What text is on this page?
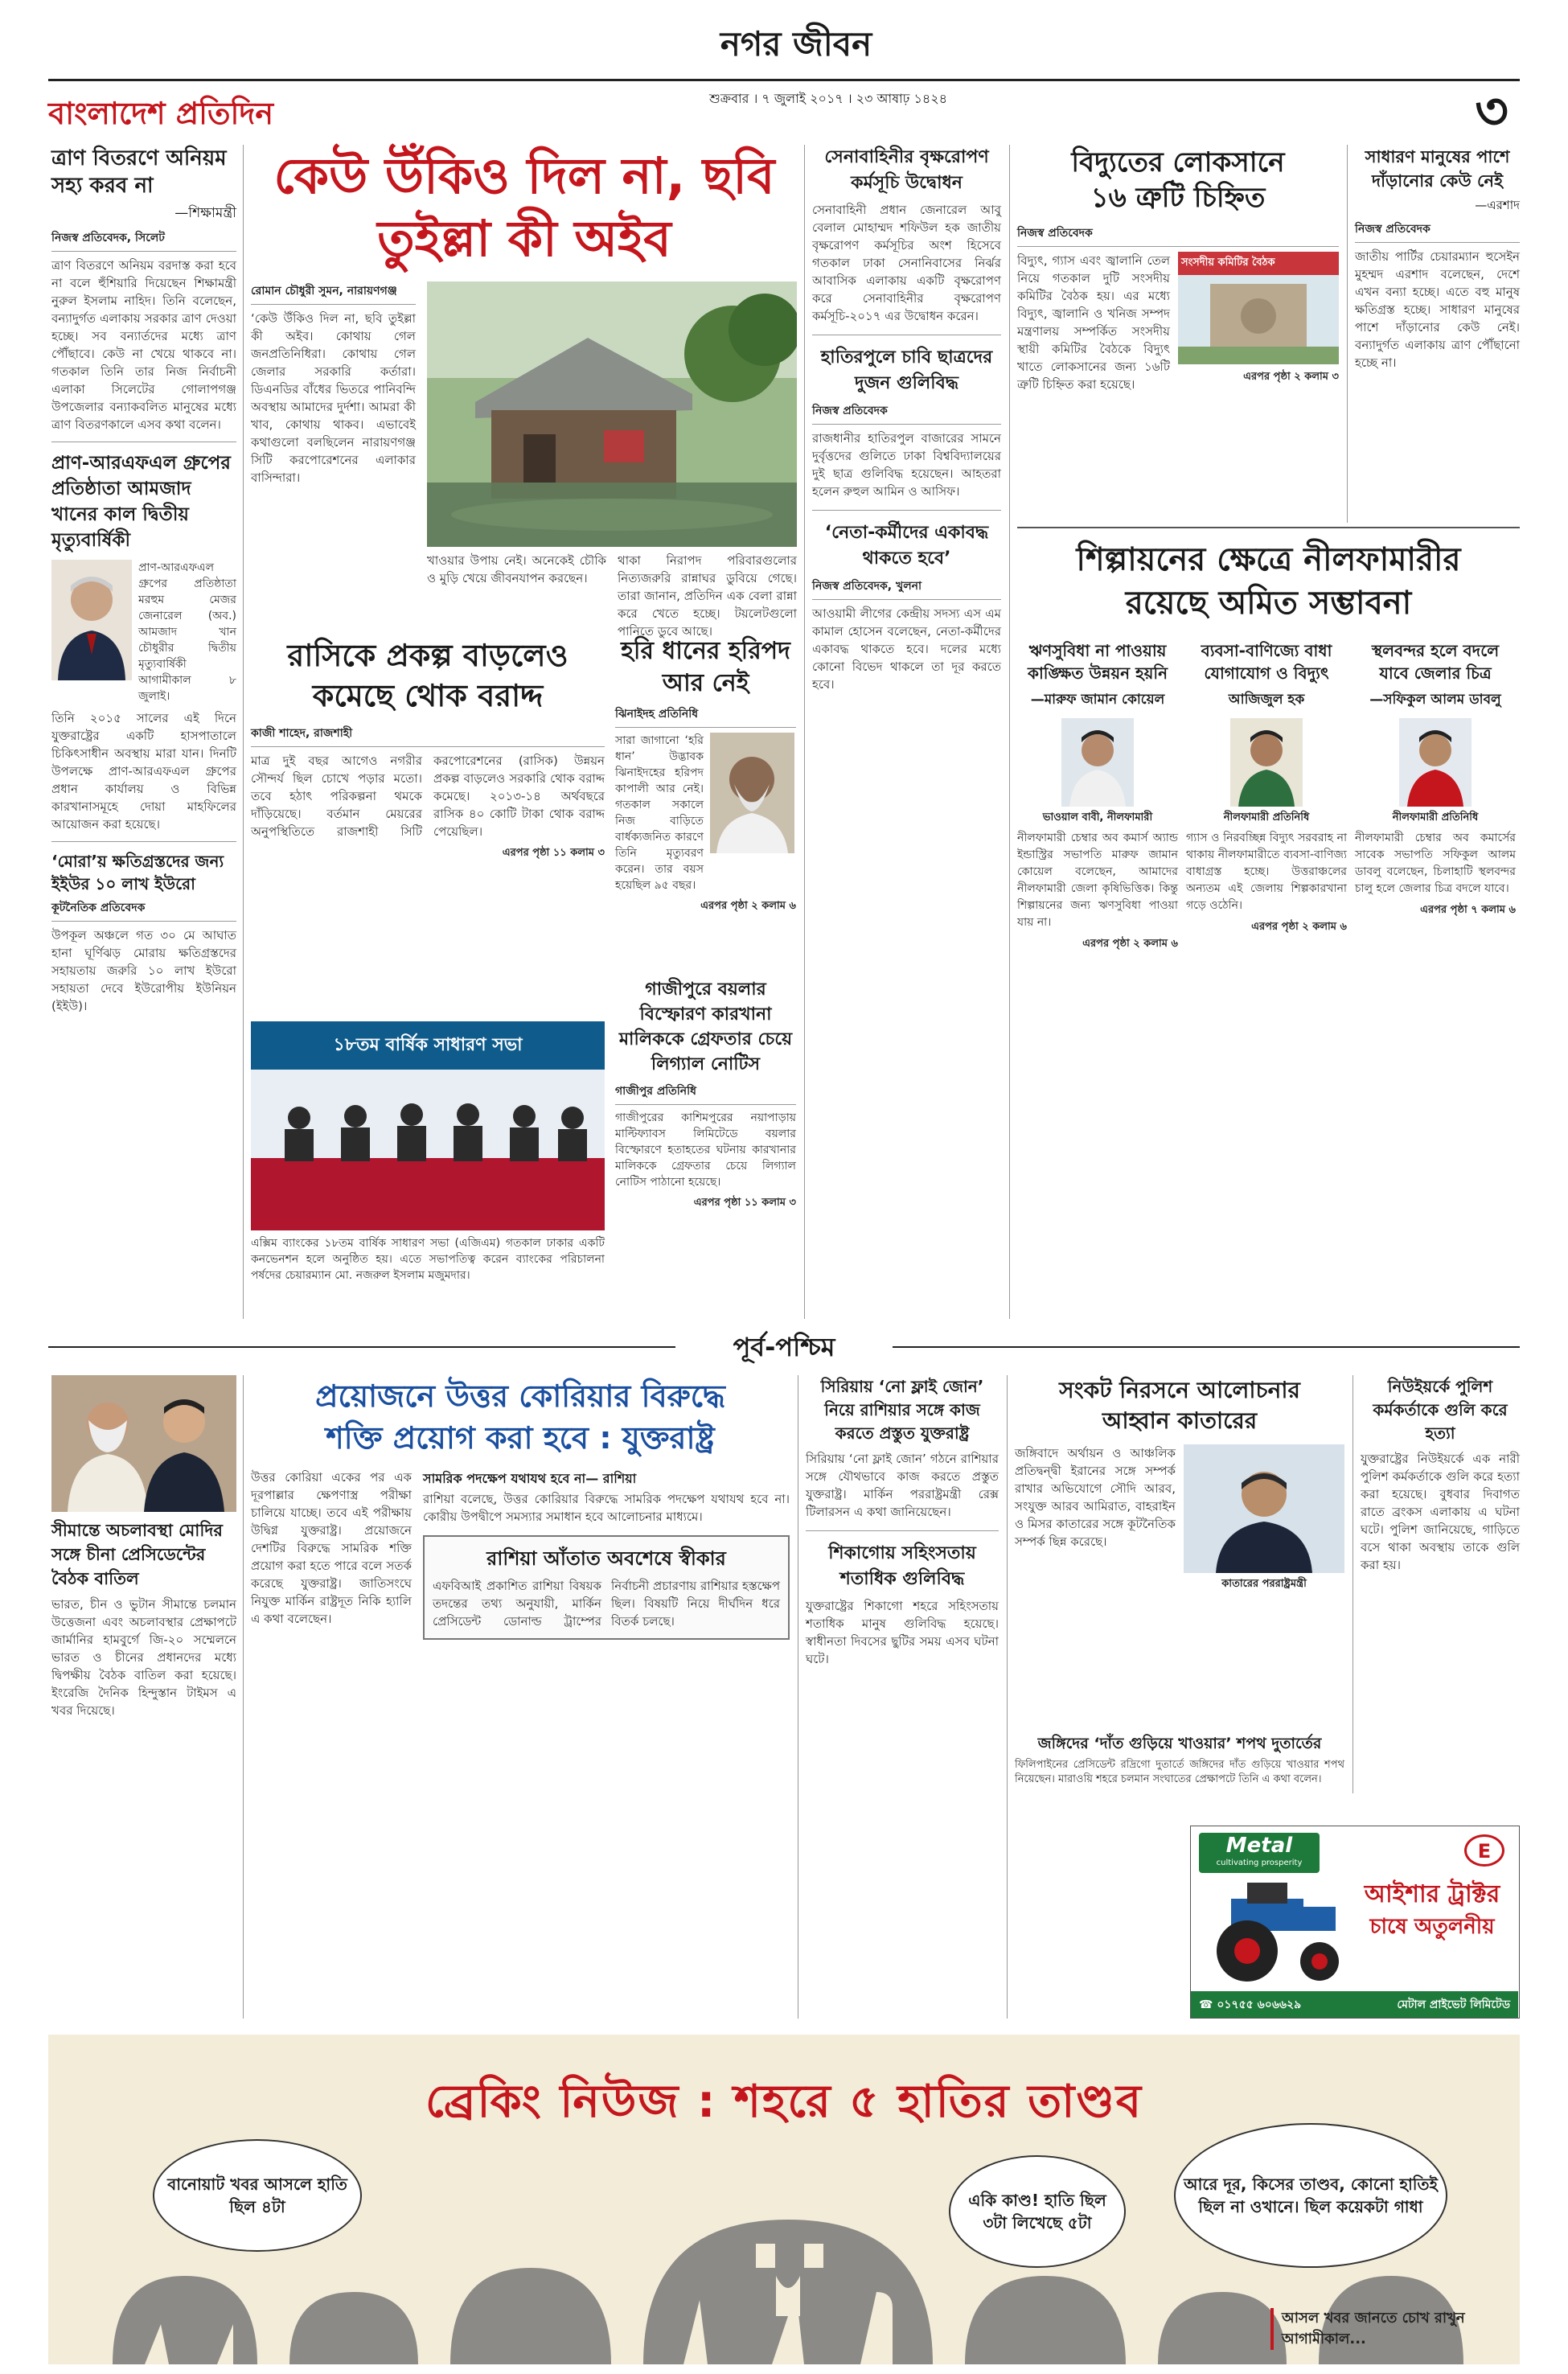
নগর জীবন
বাংলাদেশ প্রতিদিন	শুক্রবার । ৭ জুলাই ২০১৭ । ২৩ আষাঢ় ১৪২৪	৩
ত্রাণ বিতরণে অনিয়ম সহ্য করব না
—শিক্ষামন্ত্রী
নিজস্ব প্রতিবেদক, সিলেট
ত্রাণ বিতরণে অনিয়ম বরদাস্ত করা হবে না বলে হুঁশিয়ারি দিয়েছেন শিক্ষামন্ত্রী নুরুল ইসলাম নাহিদ। তিনি বলেছেন, বন্যাদুর্গত এলাকায় সরকার ত্রাণ দেওয়া হচ্ছে। সব বন্যার্তদের মধ্যে ত্রাণ পৌঁছাবে। কেউ না খেয়ে থাকবে না। গতকাল তিনি তার নিজ নির্বাচনী এলাকা সিলেটের গোলাপগঞ্জ উপজেলার বন্যাকবলিত মানুষের মধ্যে ত্রাণ বিতরণকালে এসব কথা বলেন।
প্রাণ-আরএফএল গ্রুপের প্রতিষ্ঠাতা আমজাদ খানের কাল দ্বিতীয় মৃত্যুবার্ষিকী
প্রাণ-আরএফএল গ্রুপের প্রতিষ্ঠাতা মরহুম মেজর জেনারেল (অব.) আমজাদ খান চৌধুরীর দ্বিতীয় মৃত্যুবার্ষিকী আগামীকাল ৮ জুলাই।
তিনি ২০১৫ সালের এই দিনে যুক্তরাষ্ট্রের একটি হাসপাতালে চিকিৎসাধীন অবস্থায় মারা যান। দিনটি উপলক্ষে প্রাণ-আরএফএল গ্রুপের প্রধান কার্যালয় ও বিভিন্ন কারখানাসমূহে দোয়া মাহফিলের আয়োজন করা হয়েছে।
‘মোরা’য় ক্ষতিগ্রস্তদের জন্য ইইউর ১০ লাখ ইউরো
কূটনৈতিক প্রতিবেদক
উপকূল অঞ্চলে গত ৩০ মে আঘাত হানা ঘূর্ণিঝড় মোরায় ক্ষতিগ্রস্তদের সহায়তায় জরুরি ১০ লাখ ইউরো সহায়তা দেবে ইউরোপীয় ইউনিয়ন (ইইউ)।
কেউ উঁকিও দিল না, ছবি
তুইল্লা কী অইব
রোমান চৌধুরী সুমন, নারায়ণগঞ্জ
‘কেউ উঁকিও দিল না, ছবি তুইল্লা কী অইব। কোথায় গেল জনপ্রতিনিধিরা। কোথায় গেল জেলার সরকারি কর্তারা। ডিএনডির বাঁধের ভিতরে পানিবন্দি অবস্থায় আমাদের দুর্দশা। আমরা কী খাব, কোথায় থাকব। এভাবেই কথাগুলো বলছিলেন নারায়ণগঞ্জ সিটি করপোরেশনের এলাকার বাসিন্দারা।
খাওয়ার উপায় নেই। অনেকেই চৌকি ও মুড়ি খেয়ে জীবনযাপন করছেন।
থাকা নিরাপদ পরিবারগুলোর নিত্যজরুরি রান্নাঘর ডুবিয়ে গেছে। তারা জানান, প্রতিদিন এক বেলা রান্না করে খেতে হচ্ছে। টয়লেটগুলো পানিতে ডুবে আছে।
রাসিকে প্রকল্প বাড়লেও
কমেছে থোক বরাদ্দ
কাজী শাহেদ, রাজশাহী
মাত্র দুই বছর আগেও নগরীর সৌন্দর্য ছিল চোখে পড়ার মতো। তবে হঠাৎ পরিকল্পনা থমকে দাঁড়িয়েছে। বর্তমান মেয়রের অনুপস্থিতিতে রাজশাহী সিটি করপোরেশনের (রাসিক) উন্নয়ন প্রকল্প বাড়লেও সরকারি থোক বরাদ্দ কমেছে। ২০১৩-১৪ অর্থবছরে রাসিক ৪০ কোটি টাকা থোক বরাদ্দ পেয়েছিল।
এরপর পৃষ্ঠা ১১ কলাম ৩
১৮তম বার্ষিক সাধারণ সভা
এক্সিম ব্যাংকের ১৮তম বার্ষিক সাধারণ সভা (এজিএম) গতকাল ঢাকার একটি কনভেনশন হলে অনুষ্ঠিত হয়। এতে সভাপতিত্ব করেন ব্যাংকের পরিচালনা পর্ষদের চেয়ারম্যান মো. নজরুল ইসলাম মজুমদার।
হরি ধানের হরিপদ আর নেই
ঝিনাইদহ প্রতিনিধি
সারা জাগানো ‘হরি ধান’ উদ্ভাবক ঝিনাইদহের হরিপদ কাপালী আর নেই। গতকাল সকালে নিজ বাড়িতে বার্ধক্যজনিত কারণে তিনি মৃত্যুবরণ করেন। তার বয়স হয়েছিল ৯৫ বছর।
এরপর পৃষ্ঠা ২ কলাম ৬
গাজীপুরে বয়লার বিস্ফোরণ কারখানা মালিককে গ্রেফতার চেয়ে লিগ্যাল নোটিস
গাজীপুর প্রতিনিধি
গাজীপুরের কাশিমপুরের নয়াপাড়ায় মাল্টিফ্যাবস লিমিটেডে বয়লার বিস্ফোরণে হতাহতের ঘটনায় কারখানার মালিককে গ্রেফতার চেয়ে লিগ্যাল নোটিস পাঠানো হয়েছে।
এরপর পৃষ্ঠা ১১ কলাম ৩
সেনাবাহিনীর বৃক্ষরোপণ কর্মসূচি উদ্বোধন
সেনাবাহিনী প্রধান জেনারেল আবু বেলাল মোহাম্মদ শফিউল হক জাতীয় বৃক্ষরোপণ কর্মসূচির অংশ হিসেবে গতকাল ঢাকা সেনানিবাসের নির্ঝর আবাসিক এলাকায় একটি বৃক্ষরোপণ করে সেনাবাহিনীর বৃক্ষরোপণ কর্মসূচি-২০১৭ এর উদ্বোধন করেন।
হাতিরপুলে চাবি ছাত্রদের দুজন গুলিবিদ্ধ
নিজস্ব প্রতিবেদক
রাজধানীর হাতিরপুল বাজারের সামনে দুর্বৃত্তদের গুলিতে ঢাকা বিশ্ববিদ্যালয়ের দুই ছাত্র গুলিবিদ্ধ হয়েছেন। আহতরা হলেন রুহুল আমিন ও আসিফ।
‘নেতা-কর্মীদের একাবদ্ধ থাকতে হবে’
নিজস্ব প্রতিবেদক, খুলনা
আওয়ামী লীগের কেন্দ্রীয় সদস্য এস এম কামাল হোসেন বলেছেন, নেতা-কর্মীদের একাবদ্ধ থাকতে হবে। দলের মধ্যে কোনো বিভেদ থাকলে তা দূর করতে হবে।
বিদ্যুতের লোকসানে
১৬ ত্রুটি চিহ্নিত
নিজস্ব প্রতিবেদক
বিদ্যুৎ, গ্যাস এবং জ্বালানি তেল নিয়ে গতকাল দুটি সংসদীয় কমিটির বৈঠক হয়। এর মধ্যে বিদ্যুৎ, জ্বালানি ও খনিজ সম্পদ মন্ত্রণালয় সম্পর্কিত সংসদীয় স্থায়ী কমিটির বৈঠকে বিদ্যুৎ খাতে লোকসানের জন্য ১৬টি ত্রুটি চিহ্নিত করা হয়েছে।
সংসদীয় কমিটির বৈঠক
এরপর পৃষ্ঠা ২ কলাম ৩
সাধারণ মানুষের পাশে দাঁড়ানোর কেউ নেই
—এরশাদ
নিজস্ব প্রতিবেদক
জাতীয় পার্টির চেয়ারম্যান হুসেইন মুহম্মদ এরশাদ বলেছেন, দেশে এখন বন্যা হচ্ছে। এতে বহু মানুষ ক্ষতিগ্রস্ত হচ্ছে। সাধারণ মানুষের পাশে দাঁড়ানোর কেউ নেই। বন্যাদুর্গত এলাকায় ত্রাণ পৌঁছানো হচ্ছে না।
শিল্পায়নের ক্ষেত্রে নীলফামারীর
রয়েছে অমিত সম্ভাবনা
ঋণসুবিধা না পাওয়ায় কাঙ্ক্ষিত উন্নয়ন হয়নি
—মারুফ জামান কোয়েল
ভাওয়াল বাবী, নীলফামারী
নীলফামারী চেম্বার অব কমার্স অ্যান্ড ইন্ডাস্ট্রির সভাপতি মারুফ জামান কোয়েল বলেছেন, আমাদের নীলফামারী জেলা কৃষিভিত্তিক। কিন্তু শিল্পায়নের জন্য ঋণসুবিধা পাওয়া যায় না।
এরপর পৃষ্ঠা ২ কলাম ৬
ব্যবসা-বাণিজ্যে বাধা যোগাযোগ ও বিদ্যুৎ
আজিজুল হক
নীলফামারী প্রতিনিধি
গ্যাস ও নিরবচ্ছিন্ন বিদ্যুৎ সরবরাহ না থাকায় নীলফামারীতে ব্যবসা-বাণিজ্য বাধাগ্রস্ত হচ্ছে। উত্তরাঞ্চলের অন্যতম এই জেলায় শিল্পকারখানা গড়ে ওঠেনি।
এরপর পৃষ্ঠা ২ কলাম ৬
স্থলবন্দর হলে বদলে যাবে জেলার চিত্র
—সফিকুল আলম ডাবলু
নীলফামারী প্রতিনিধি
নীলফামারী চেম্বার অব কমার্সের সাবেক সভাপতি সফিকুল আলম ডাবলু বলেছেন, চিলাহাটি স্থলবন্দর চালু হলে জেলার চিত্র বদলে যাবে।
এরপর পৃষ্ঠা ৭ কলাম ৬
পূর্ব-পশ্চিম
সীমান্তে অচলাবস্থা মোদির সঙ্গে চীনা প্রেসিডেন্টের বৈঠক বাতিল
ভারত, চীন ও ভুটান সীমান্তে চলমান উত্তেজনা এবং অচলাবস্থার প্রেক্ষাপটে জার্মানির হামবুর্গে জি-২০ সম্মেলনে ভারত ও চীনের প্রধানদের মধ্যে দ্বিপক্ষীয় বৈঠক বাতিল করা হয়েছে। ইংরেজি দৈনিক হিন্দুস্তান টাইমস এ খবর দিয়েছে।
প্রয়োজনে উত্তর কোরিয়ার বিরুদ্ধে
শক্তি প্রয়োগ করা হবে : যুক্তরাষ্ট্র
উত্তর কোরিয়া একের পর এক দূরপাল্লার ক্ষেপণাস্ত্র পরীক্ষা চালিয়ে যাচ্ছে। তবে এই পরীক্ষায় উদ্বিগ্ন যুক্তরাষ্ট্র। প্রয়োজনে দেশটির বিরুদ্ধে সামরিক শক্তি প্রয়োগ করা হতে পারে বলে সতর্ক করেছে যুক্তরাষ্ট্র। জাতিসংঘে নিযুক্ত মার্কিন রাষ্ট্রদূত নিকি হ্যালি এ কথা বলেছেন।
সামরিক পদক্ষেপ যথাযথ হবে না— রাশিয়া
রাশিয়া বলেছে, উত্তর কোরিয়ার বিরুদ্ধে সামরিক পদক্ষেপ যথাযথ হবে না। কোরীয় উপদ্বীপে সমস্যার সমাধান হবে আলোচনার মাধ্যমে।
রাশিয়া আঁতাত অবশেষে স্বীকার
এফবিআই প্রকাশিত রাশিয়া বিষয়ক তদন্তের তথ্য অনুযায়ী, মার্কিন প্রেসিডেন্ট ডোনাল্ড ট্রাম্পের নির্বাচনী প্রচারণায় রাশিয়ার হস্তক্ষেপ ছিল। বিষয়টি নিয়ে দীর্ঘদিন ধরে বিতর্ক চলছে।
সিরিয়ায় ‘নো ফ্লাই জোন’ নিয়ে রাশিয়ার সঙ্গে কাজ করতে প্রস্তুত যুক্তরাষ্ট্র
সিরিয়ায় ‘নো ফ্লাই জোন’ গঠনে রাশিয়ার সঙ্গে যৌথভাবে কাজ করতে প্রস্তুত যুক্তরাষ্ট্র। মার্কিন পররাষ্ট্রমন্ত্রী রেক্স টিলারসন এ কথা জানিয়েছেন।
শিকাগোয় সহিংসতায় শতাধিক গুলিবিদ্ধ
যুক্তরাষ্ট্রের শিকাগো শহরে সহিংসতায় শতাধিক মানুষ গুলিবিদ্ধ হয়েছে। স্বাধীনতা দিবসের ছুটির সময় এসব ঘটনা ঘটে।
সংকট নিরসনে আলোচনার
আহ্বান কাতারের
জঙ্গিবাদে অর্থায়ন ও আঞ্চলিক প্রতিদ্বন্দ্বী ইরানের সঙ্গে সম্পর্ক রাখার অভিযোগে সৌদি আরব, সংযুক্ত আরব আমিরাত, বাহরাইন ও মিসর কাতারের সঙ্গে কূটনৈতিক সম্পর্ক ছিন্ন করেছে।
কাতারের পররাষ্ট্রমন্ত্রী
জঙ্গিদের ‘দাঁত গুড়িয়ে খাওয়ার’ শপথ দুতার্তের
ফিলিপাইনের প্রেসিডেন্ট রদ্রিগো দুতার্তে জঙ্গিদের দাঁত গুড়িয়ে খাওয়ার শপথ নিয়েছেন। মারাওয়ি শহরে চলমান সংঘাতের প্রেক্ষাপটে তিনি এ কথা বলেন।
নিউইয়র্কে পুলিশ কর্মকর্তাকে গুলি করে হত্যা
যুক্তরাষ্ট্রের নিউইয়র্কে এক নারী পুলিশ কর্মকর্তাকে গুলি করে হত্যা করা হয়েছে। বুধবার দিবাগত রাতে ব্রংকস এলাকায় এ ঘটনা ঘটে। পুলিশ জানিয়েছে, গাড়িতে বসে থাকা অবস্থায় তাকে গুলি করা হয়।
Metal
cultivating prosperity
E
আইশার ট্রাক্টর
চাষে অতুলনীয়
☎ ০১৭৫৫ ৬০৬৬২৯	মেটাল প্রাইভেট লিমিটেড
ব্রেকিং নিউজ : শহরে ৫ হাতির তাণ্ডব
বানোয়াট খবর আসলে হাতি ছিল ৪টা	একি কাণ্ড! হাতি ছিল ৩টা লিখেছে ৫টা
আরে দূর, কিসের তাণ্ডব, কোনো হাতিই ছিল না ওখানে। ছিল কয়েকটা গাধা
আসল খবর জানতে চোখ রাখুন আগামীকাল...
